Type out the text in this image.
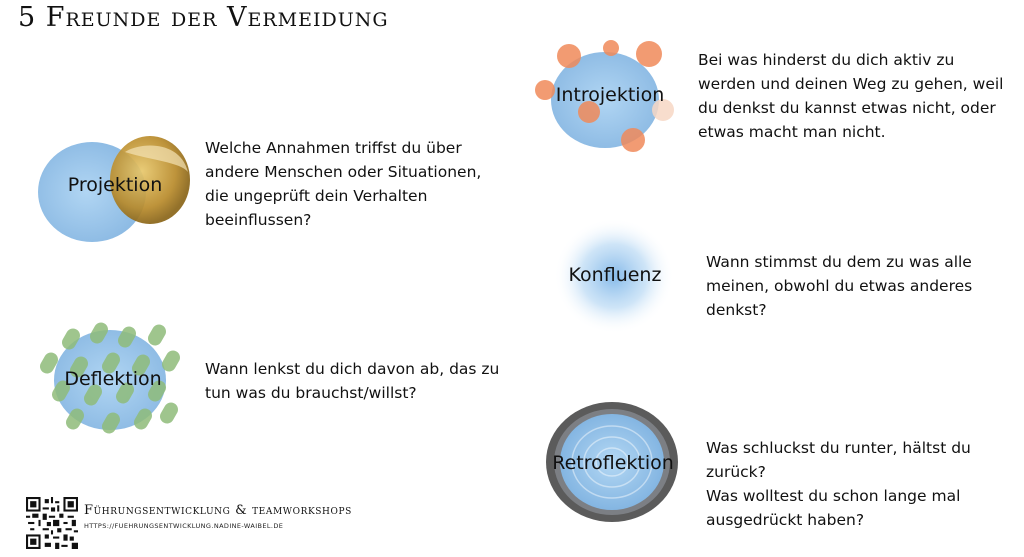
5 Freunde der Vermeidung
Projektion
Welche Annahmen triffst du über
andere Menschen oder Situationen,
die ungeprüft dein Verhalten
beeinflussen?
Deflektion	Wann lenkst du dich davon ab, das zu
tun was du brauchst/willst?
Introjektion
Bei was hinderst du dich aktiv zu
werden und deinen Weg zu gehen, weil
du denkst du kannst etwas nicht, oder
etwas macht man nicht.
Konfluenz
Wann stimmst du dem zu was alle
meinen, obwohl du etwas anderes denkst?
Retroflektion
Was schluckst du runter, hältst du zurück?
Was wolltest du schon lange mal
ausgedrückt haben?
Führungsentwicklung & teamworkshops
HTTPS://FUEHRUNGSENTWICKLUNG.NADINE-WAIBEL.DE
